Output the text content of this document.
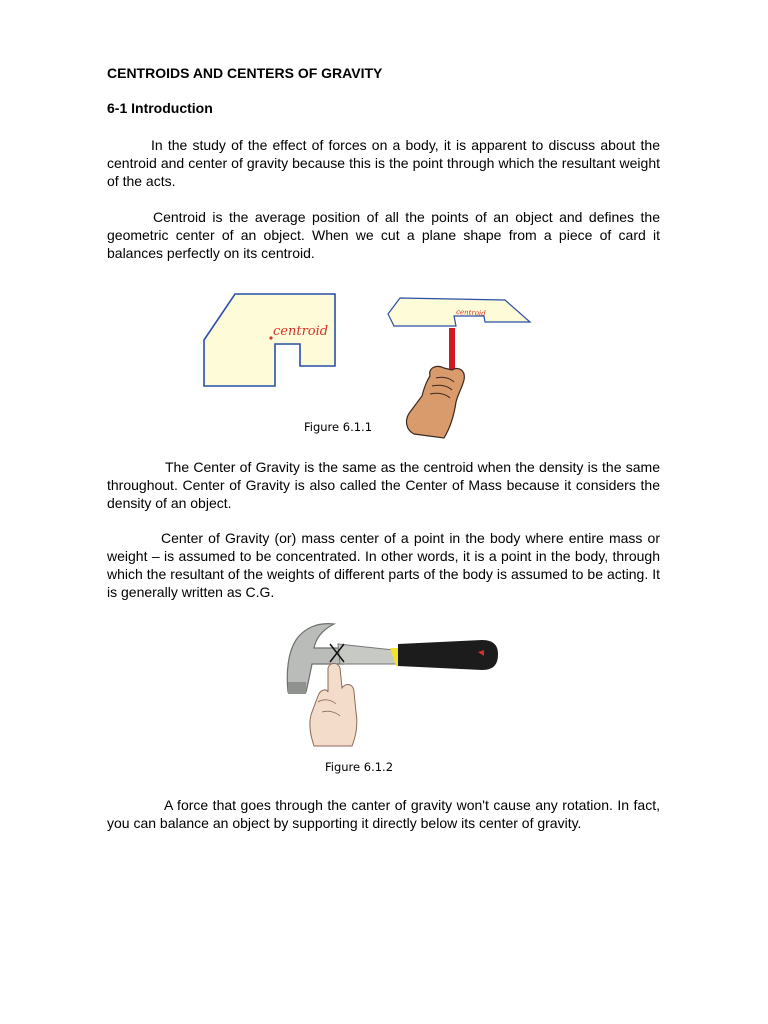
CENTROIDS AND CENTERS OF GRAVITY
6-1 Introduction

In the study of the effect of forces on a body, it is apparent to discuss about the centroid and center of gravity because this is the point through which the resultant weight of the acts.

Centroid is the average position of all the points of an object and defines the geometric center of an object. When we cut a plane shape from a piece of card it balances perfectly on its centroid.

centroid
centroid

Figure 6.1.1

The Center of Gravity is the same as the centroid when the density is the same throughout. Center of Gravity is also called the Center of Mass because it considers the density of an object.

Center of Gravity (or) mass center of a point in the body where entire mass or weight – is assumed to be concentrated. In other words, it is a point in the body, through which the resultant of the weights of different parts of the body is assumed to be acting. It is generally written as C.G.

Figure 6.1.2

A force that goes through the canter of gravity won't cause any rotation. In fact, you can balance an object by supporting it directly below its center of gravity.
